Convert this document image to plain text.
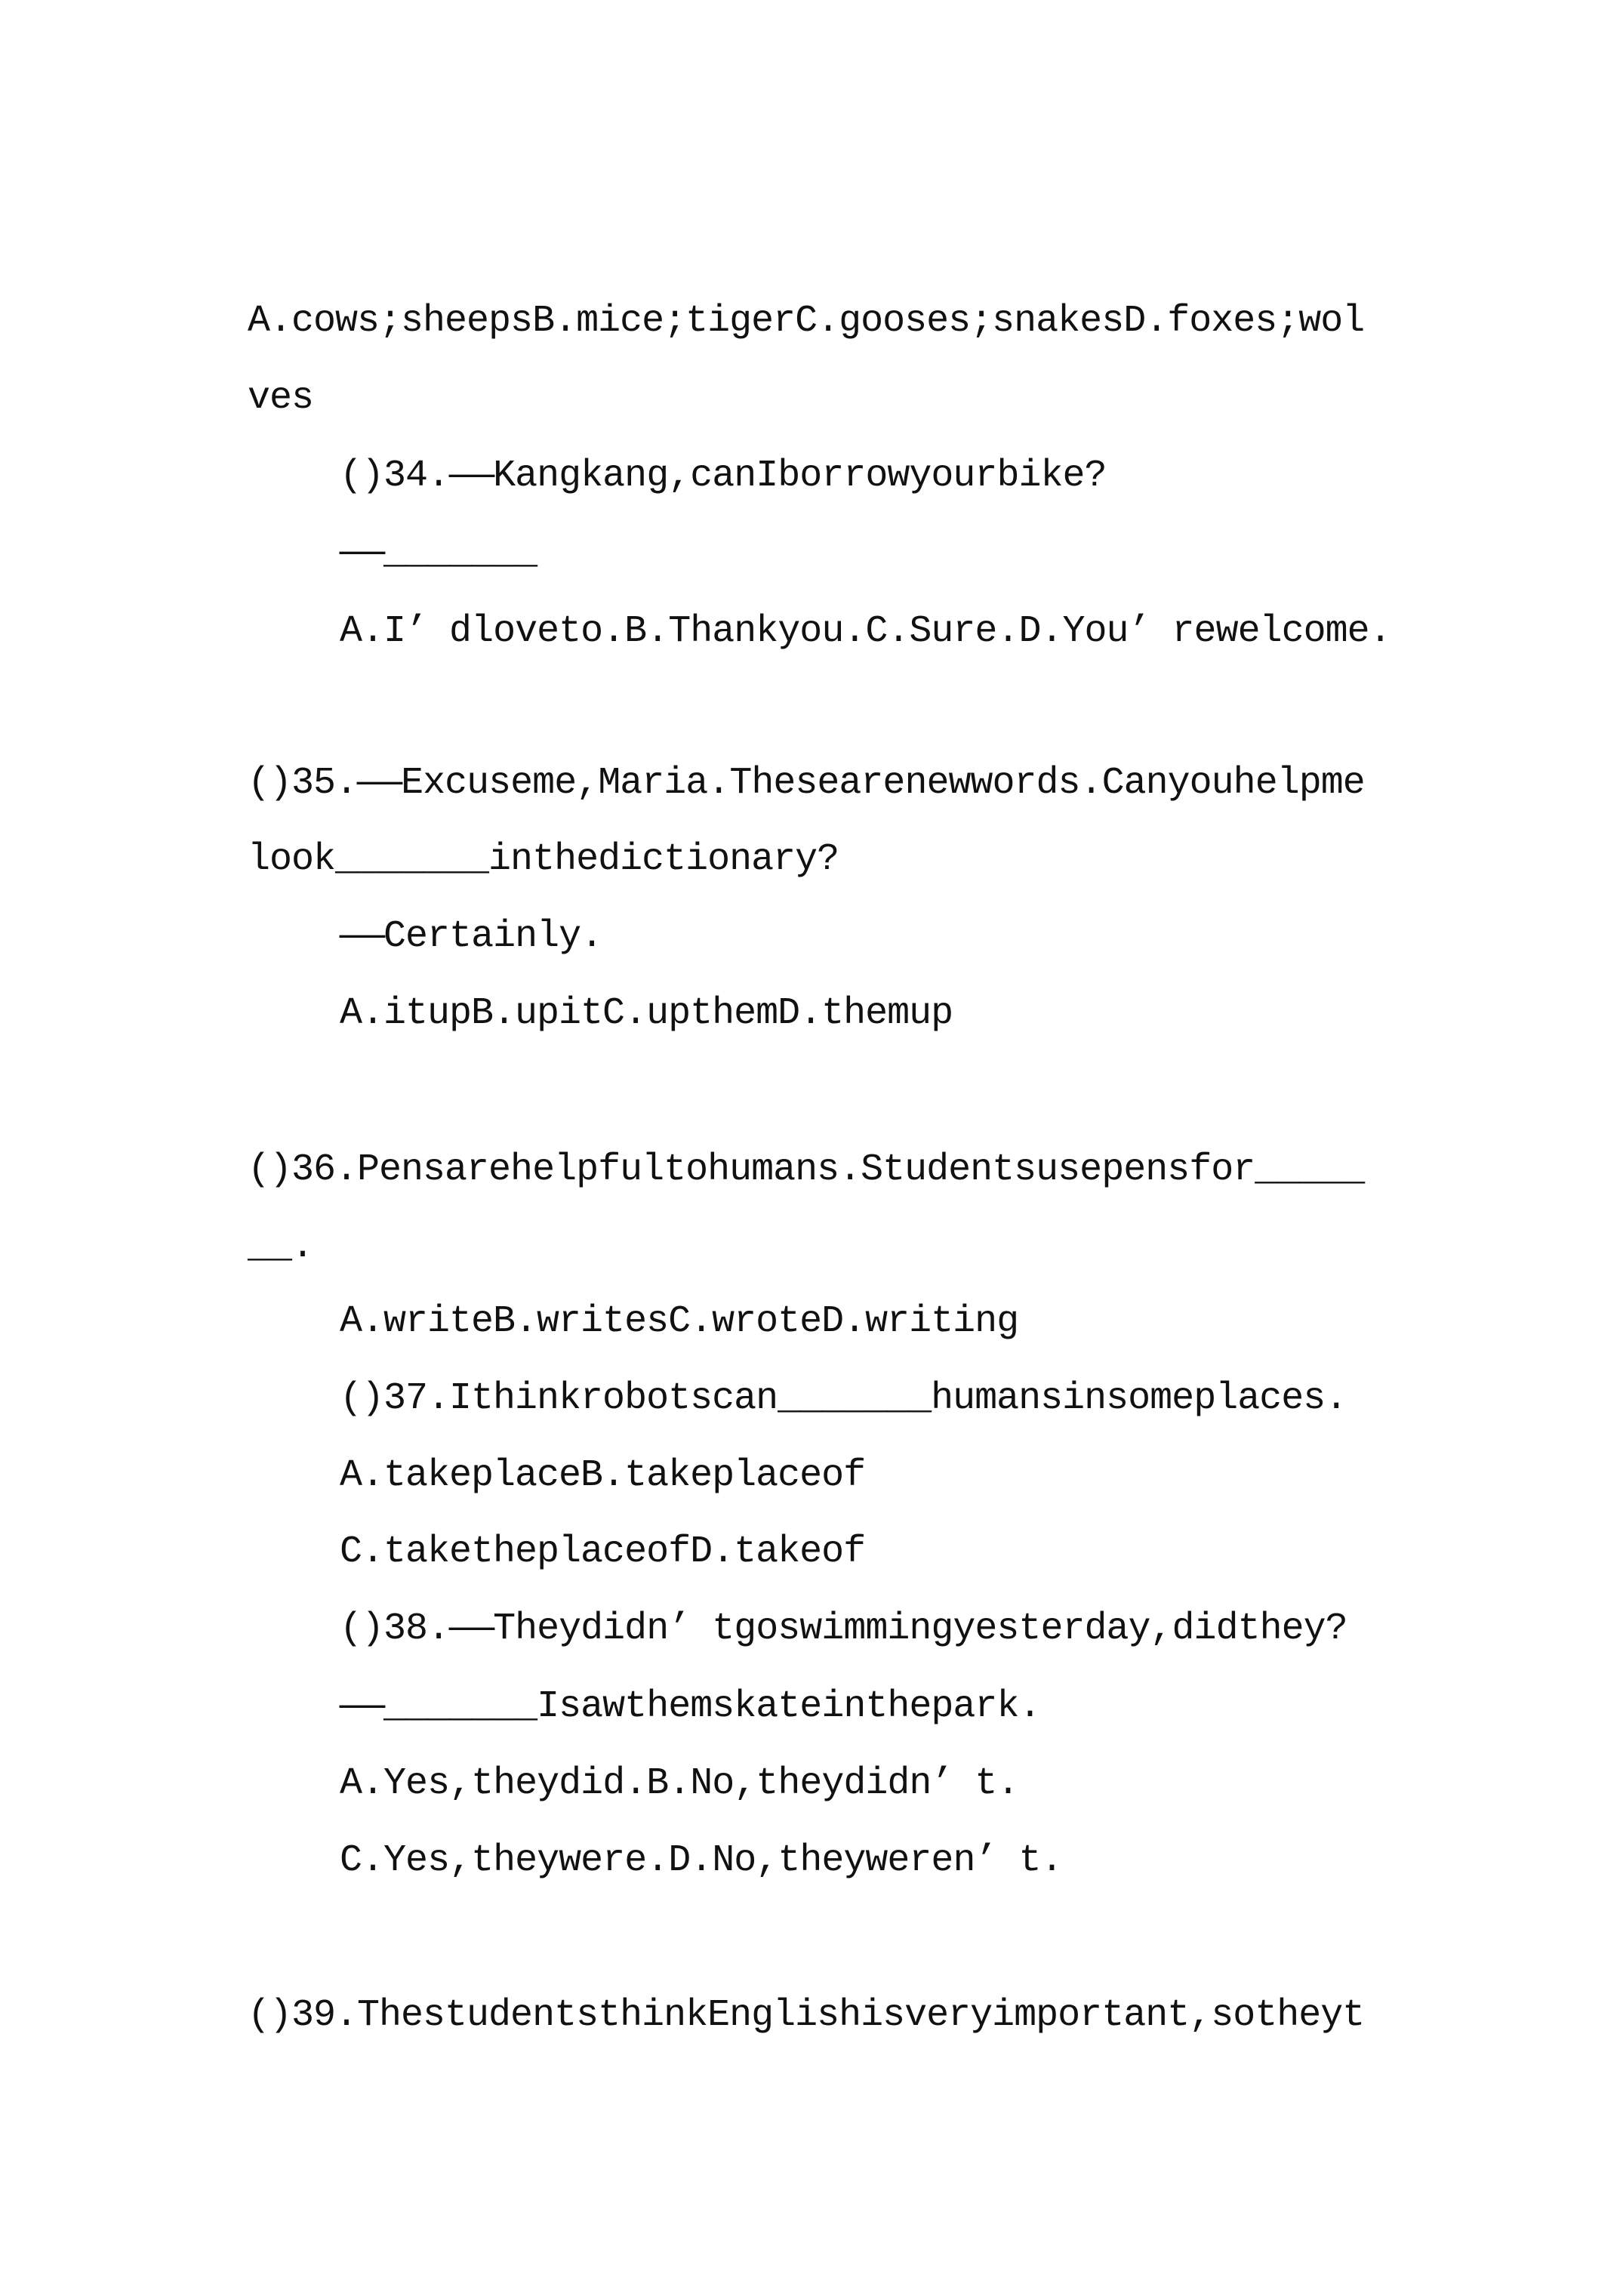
A.cows;sheepsB.mice;tigerC.gooses;snakesD.foxes;wol
ves
()34.—Kangkang,canIborrowyourbike?
—_______
A.I’ dloveto.B.Thankyou.C.Sure.D.You’ rewelcome.
()35.—Excuseme,Maria.Thesearenewwords.Canyouhelpme
look_______inthedictionary?
—Certainly.
A.itupB.upitC.upthemD.themup
()36.Pensarehelpfultohumans.Studentsusepensfor_____
__.
A.writeB.writesC.wroteD.writing
()37.Ithinkrobotscan_______humansinsomeplaces.
A.takeplaceB.takeplaceof
C.taketheplaceofD.takeof
()38.—Theydidn’ tgoswimmingyesterday,didthey?
—_______Isawthemskateinthepark.
A.Yes,theydid.B.No,theydidn’ t.
C.Yes,theywere.D.No,theyweren’ t.
()39.ThestudentsthinkEnglishisveryimportant,sotheyt
